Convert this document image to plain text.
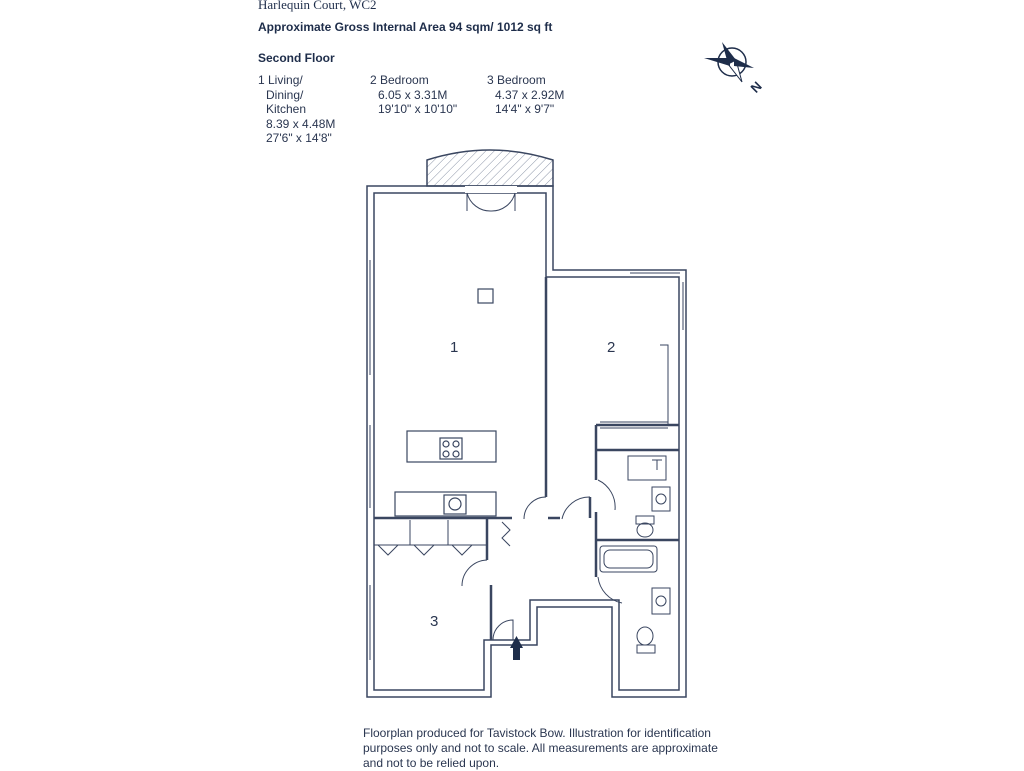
Harlequin Court, WC2
Approximate Gross Internal Area 94 sqm/ 1012 sq ft
Second Floor
1 Living/
Dining/
Kitchen
8.39 x 4.48M
27'6" x 14'8"
2 Bedroom
6.05 x 3.31M
19'10" x 10'10"
3 Bedroom
4.37 x 2.92M
14'4" x 9'7"
N
1	2
3
Floorplan produced for Tavistock Bow. Illustration for identification
purposes only and not to scale. All measurements are approximate
and not to be relied upon.
